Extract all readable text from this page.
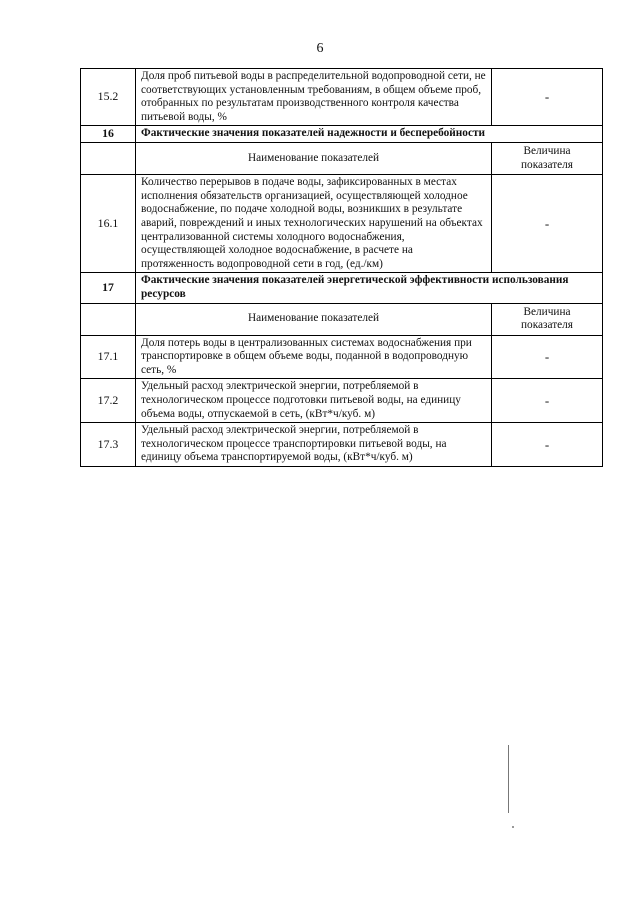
6
15.2	Доля проб питьевой воды в распределительной водопроводной сети, не соответствующих установленным требованиям, в общем объеме проб, отобранных по результатам производственного контроля качества питьевой воды, %	-
16	Фактические значения показателей надежности и бесперебойности	
	Наименование показателей	Величина показателя
16.1	Количество перерывов в подаче воды, зафиксированных в местах исполнения обязательств организацией, осуществляющей холодное водоснабжение, по подаче холодной воды, возникших в результате аварий, повреждений и иных технологических нарушений на объектах централизованной системы холодного водоснабжения, осуществляющей холодное водоснабжение, в расчете на протяженность водопроводной сети в год, (ед./км)	-
17	Фактические значения показателей энергетической эффективности использования ресурсов	
	Наименование показателей	Величина показателя
17.1	Доля потерь воды в централизованных системах водоснабжения при транспортировке в общем объеме воды, поданной в водопроводную сеть, %	-
17.2	Удельный расход электрической энергии, потребляемой в технологическом процессе подготовки питьевой воды, на единицу объема воды, отпускаемой в сеть, (кВт*ч/куб. м)	-
17.3	Удельный расход электрической энергии, потребляемой в технологическом процессе транспортировки питьевой воды, на единицу объема транспортируемой воды, (кВт*ч/куб. м)	-
